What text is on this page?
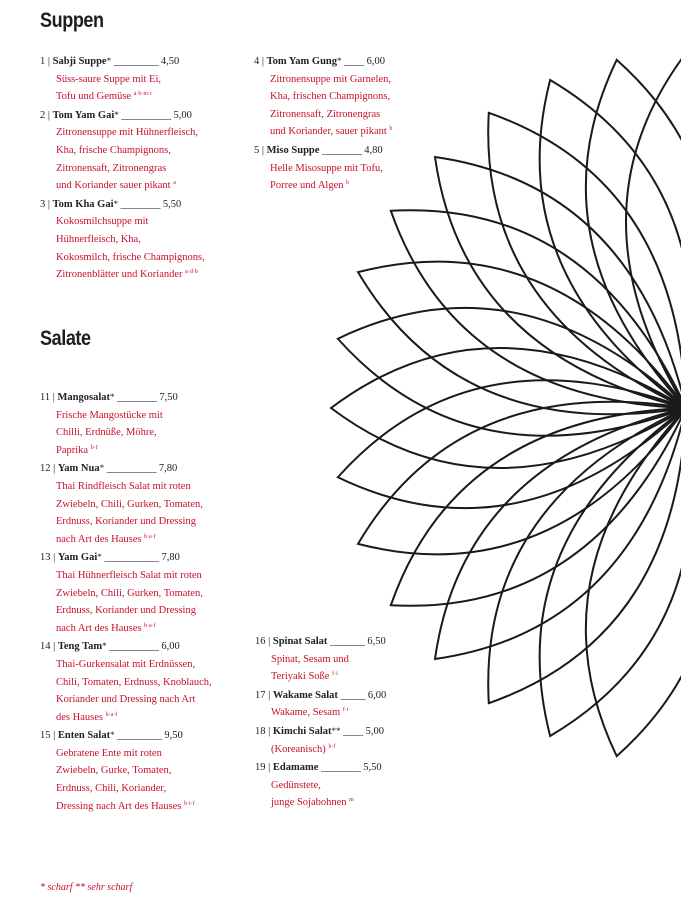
Suppen
1 | Sabji Suppe* _________ 4,50
Süss-saure Suppe mit Ei,
Tofu und Gemüse $^{a\cdot b\cdot m\cdot i}$
2 | Tom Yam Gai* __________ 5,00
Zitronensuppe mit Hühnerfleisch,
Kha, frische Champignons,
Zitronensaft, Zitronengras
und Koriander sauer pikant $^a$
3 | Tom Kha Gai* ________ 5,50
Kokosmilchsuppe mit
Hühnerfleisch, Kha,
Kokosmilch, frische Champignons,
Zitronenblätter und Koriander $^{a\cdot d\cdot b}$
4 | Tom Yam Gung* ____ 6,00
Zitronensuppe mit Garnelen,
Kha, frischen Champignons,
Zitronensaft, Zitronengras
und Koriander, sauer pikant $^b$
5 | Miso Suppe ________ 4,80
Helle Misosuppe mit Tofu,
Porree und Algen $^b$
Salate
11 | Mangosalat* ________ 7,50
Frische Mangostücke mit
Chilli, Erdnüße, Möhre,
Paprika $^{b\cdot f}$
12 | Yam Nua* __________ 7,80
Thai Rindfleisch Salat mit roten
Zwiebeln, Chili, Gurken, Tomaten,
Erdnuss, Koriander und Dressing
nach Art des Hauses $^{b\cdot a\cdot f}$
13 | Yam Gai* ___________ 7,80
Thai Hühnerfleisch Salat mit roten
Zwiebeln, Chili, Gurken, Tomaten,
Erdnuss, Koriander und Dressing
nach Art des Hauses $^{b\cdot a\cdot f}$
14 | Teng Tam* __________ 6,00
Thai-Gurkensalat mit Erdnüssen,
Chili, Tomaten, Erdnuss, Knoblauch,
Koriander und Dressing nach Art
des Hauses $^{b\cdot a\cdot f}$
15 | Enten Salat* _________ 9,50
Gebratene Ente mit roten
Zwiebeln, Gurke, Tomaten,
Erdnuss, Chili, Koriander,
Dressing nach Art des Hauses $^{b\cdot t\cdot f}$
16 | Spinat Salat _______ 6,50
Spinat, Sesam und
Teriyaki Soße $^{f\cdot i}$
17 | Wakame Salat _____ 6,00
Wakame, Sesam $^{f\cdot i}$
18 | Kimchi Salat** ____ 5,00
(Koreanisch) $^{b\cdot f}$
19 | Edamame ________ 5,50
Gedünstete,
junge Sojabohnen $^m$
* scharf ** sehr scharf
